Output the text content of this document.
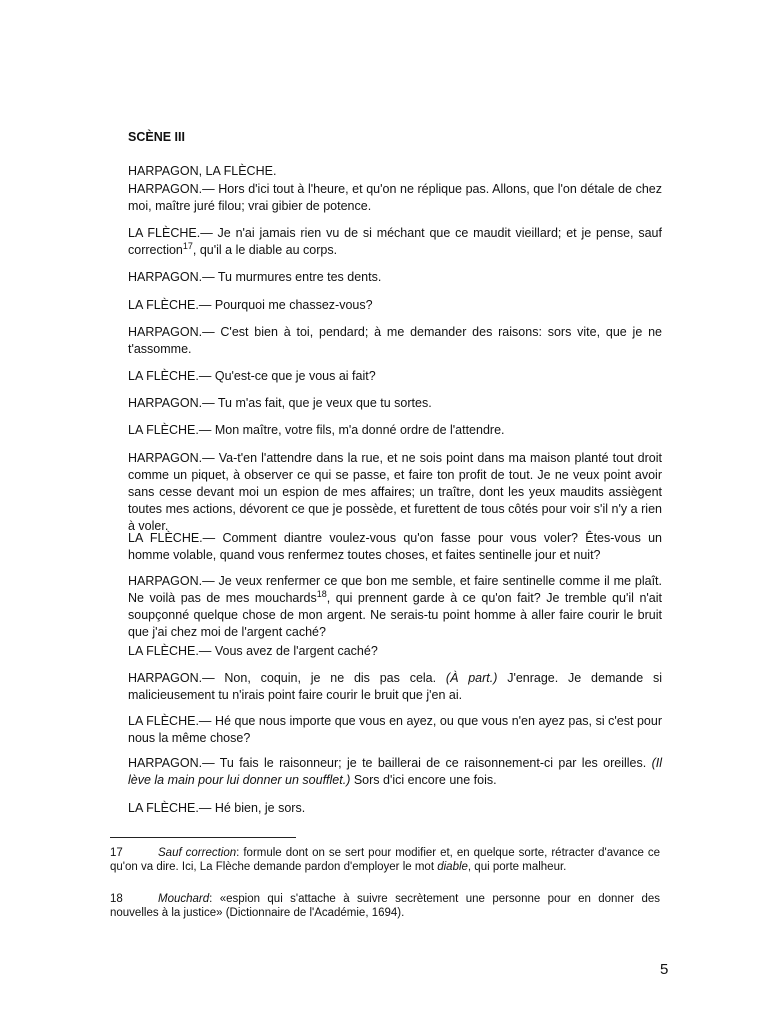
SCÈNE III

HARPAGON, LA FLÈCHE.

HARPAGON.— Hors d'ici tout à l'heure, et qu'on ne réplique pas. Allons, que l'on détale de chez moi, maître juré filou; vrai gibier de potence.

LA FLÈCHE.— Je n'ai jamais rien vu de si méchant que ce maudit vieillard; et je pense, sauf correction$^{17}$, qu'il a le diable au corps.

HARPAGON.— Tu murmures entre tes dents.

LA FLÈCHE.— Pourquoi me chassez-vous?

HARPAGON.— C'est bien à toi, pendard; à me demander des raisons: sors vite, que je ne t'assomme.

LA FLÈCHE.— Qu'est-ce que je vous ai fait?

HARPAGON.— Tu m'as fait, que je veux que tu sortes.

LA FLÈCHE.— Mon maître, votre fils, m'a donné ordre de l'attendre.

HARPAGON.— Va-t'en l'attendre dans la rue, et ne sois point dans ma maison planté tout droit comme un piquet, à observer ce qui se passe, et faire ton profit de tout. Je ne veux point avoir sans cesse devant moi un espion de mes affaires; un traître, dont les yeux maudits assiègent toutes mes actions, dévorent ce que je possède, et furettent de tous côtés pour voir s'il n'y a rien à voler.

LA FLÈCHE.— Comment diantre voulez-vous qu'on fasse pour vous voler? Êtes-vous un homme volable, quand vous renfermez toutes choses, et faites sentinelle jour et nuit?

HARPAGON.— Je veux renfermer ce que bon me semble, et faire sentinelle comme il me plaît. Ne voilà pas de mes mouchards$^{18}$, qui prennent garde à ce qu'on fait? Je tremble qu'il n'ait soupçonné quelque chose de mon argent. Ne serais-tu point homme à aller faire courir le bruit que j'ai chez moi de l'argent caché?

LA FLÈCHE.— Vous avez de l'argent caché?

HARPAGON.— Non, coquin, je ne dis pas cela. (À part.) J'enrage. Je demande si malicieusement tu n'irais point faire courir le bruit que j'en ai.

LA FLÈCHE.— Hé que nous importe que vous en ayez, ou que vous n'en ayez pas, si c'est pour nous la même chose?

HARPAGON.— Tu fais le raisonneur; je te baillerai de ce raisonnement-ci par les oreilles. (Il lève la main pour lui donner un soufflet.) Sors d'ici encore une fois.

LA FLÈCHE.— Hé bien, je sors.

17	Sauf correction: formule dont on se sert pour modifier et, en quelque sorte, rétracter d'avance ce qu'on va dire. Ici, La Flèche demande pardon d'employer le mot diable, qui porte malheur.

18	Mouchard: «espion qui s'attache à suivre secrètement une personne pour en donner des nouvelles à la justice» (Dictionnaire de l'Académie, 1694).

5
